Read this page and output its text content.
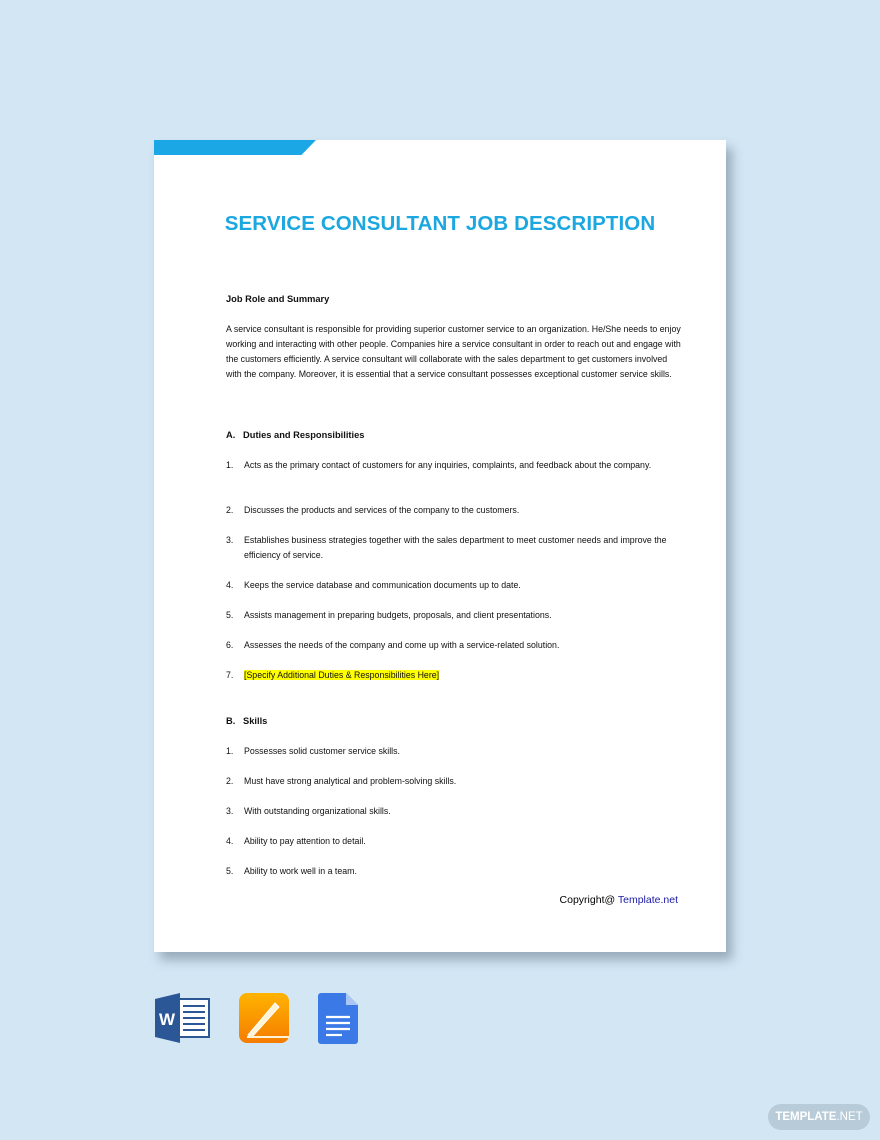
SERVICE CONSULTANT JOB DESCRIPTION
Job Role and Summary
A service consultant is responsible for providing superior customer service to an organization. He/She needs to enjoy working and interacting with other people. Companies hire a service consultant in order to reach out and engage with the customers efficiently. A service consultant will collaborate with the sales department to get customers involved with the company. Moreover, it is essential that a service consultant possesses exceptional customer service skills.
A.   Duties and Responsibilities
1. Acts as the primary contact of customers for any inquiries, complaints, and feedback about the company.
2. Discusses the products and services of the company to the customers.
3. Establishes business strategies together with the sales department to meet customer needs and improve the efficiency of service.
4. Keeps the service database and communication documents up to date.
5. Assists management in preparing budgets, proposals, and client presentations.
6. Assesses the needs of the company and come up with a service-related solution.
7. [Specify Additional Duties & Responsibilities Here]
B.   Skills
1. Possesses solid customer service skills.
2. Must have strong analytical and problem-solving skills.
3. With outstanding organizational skills.
4. Ability to pay attention to detail.
5. Ability to work well in a team.
Copyright@ Template.net
W
TEMPLATE.NET
